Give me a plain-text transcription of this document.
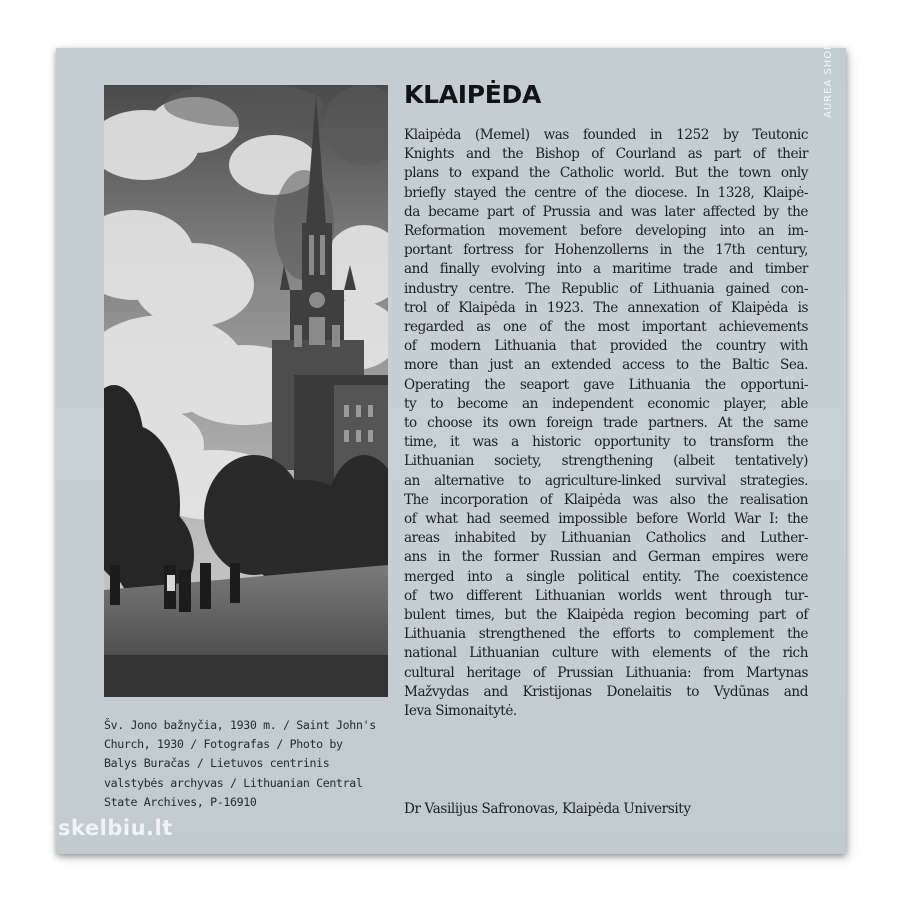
Šv. Jono bažnyčia, 1930 m. / Saint John's
Church, 1930 / Fotografas / Photo by
Balys Buračas / Lietuvos centrinis
valstybės archyvas / Lithuanian Central
State Archives, P-16910
KLAIPĖDA
Klaipėda (Memel) was founded in 1252 by Teutonic
Knights and the Bishop of Courland as part of their
plans to expand the Catholic world. But the town only
briefly stayed the centre of the diocese. In 1328, Klaipė-
da became part of Prussia and was later affected by the
Reformation movement before developing into an im-
portant fortress for Hohenzollerns in the 17th century,
and finally evolving into a maritime trade and timber
industry centre. The Republic of Lithuania gained con-
trol of Klaipėda in 1923. The annexation of Klaipėda is
regarded as one of the most important achievements
of modern Lithuania that provided the country with
more than just an extended access to the Baltic Sea.
Operating the seaport gave Lithuania the opportuni-
ty to become an independent economic player, able
to choose its own foreign trade partners. At the same
time, it was a historic opportunity to transform the
Lithuanian society, strengthening (albeit tentatively)
an alternative to agriculture-linked survival strategies.
The incorporation of Klaipėda was also the realisation
of what had seemed impossible before World War I: the
areas inhabited by Lithuanian Catholics and Luther-
ans in the former Russian and German empires were
merged into a single political entity. The coexistence
of two different Lithuanian worlds went through tur-
bulent times, but the Klaipėda region becoming part of
Lithuania strengthened the efforts to complement the
national Lithuanian culture with elements of the rich
cultural heritage of Prussian Lithuania: from Martynas
Mažvydas and Kristijonas Donelaitis to Vydūnas and
Ieva Simonaitytė.
Dr Vasilijus Safronovas, Klaipėda University
AUREA SHOP ©
skelbiu.lt
